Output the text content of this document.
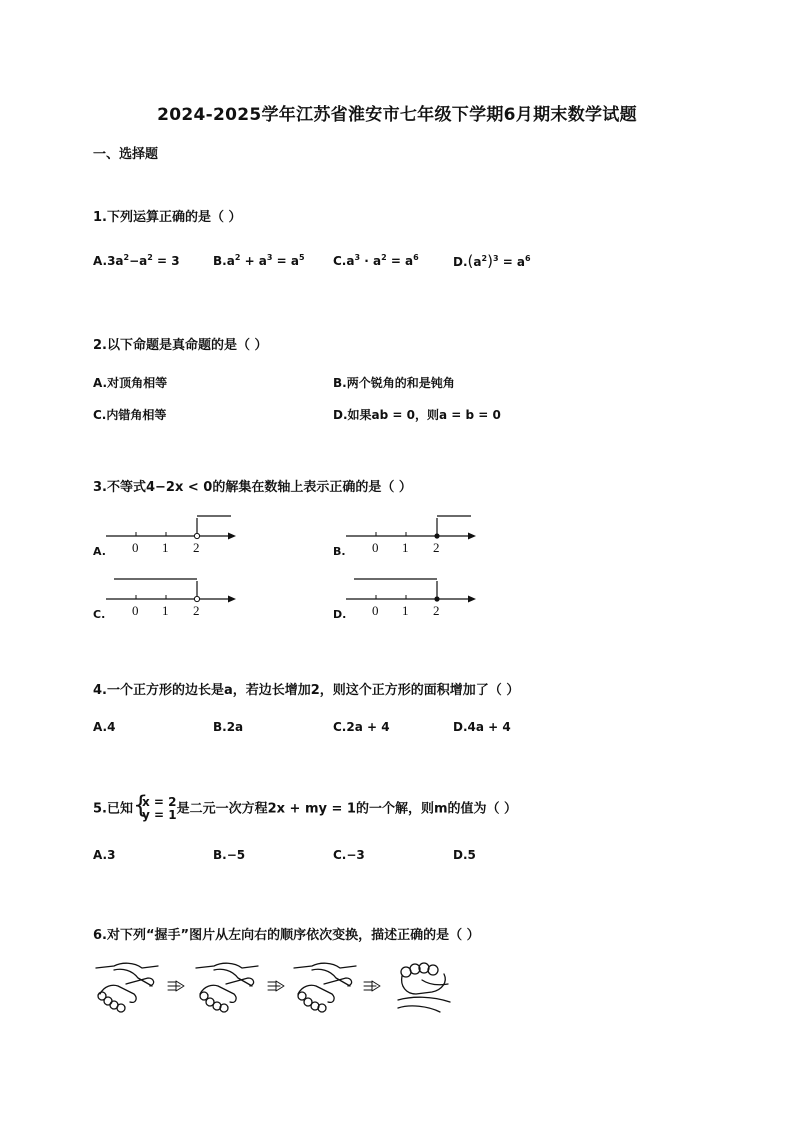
2024-2025学年江苏省淮安市七年级下学期6月期末数学试题
一、选择题
1.下列运算正确的是（ ）
$A.3a^2-a^2 = 3$	$B.a^2 + a^3 = a^5$ $C.a^3 \cdot a^2 = a^6$	$D.(a^2)^3 = a^6$
2.以下命题是真命题的是（ ）
A.对顶角相等	B.两个锐角的和是钝角
C.内错角相等	D.如果ab = 0，则a = b = 0
3.不等式4−2x < 0的解集在数轴上表示正确的是（ ）
A.	B.
C.	D.
0 1 2	0 1 2
0 1 2	0 1 2
4.一个正方形的边长是a，若边长增加2，则这个正方形的面积增加了（ ）
A.4	B.2a	C.2a + 4	D.4a + 4
5.已知 {
x = 2
y = 1是二元一次方程2x + my = 1的一个解，则m的值为（ ）
A.3	B.−5	C.−3	D.5
6.对下列“握手”图片从左向右的顺序依次变换，描述正确的是（ ）
